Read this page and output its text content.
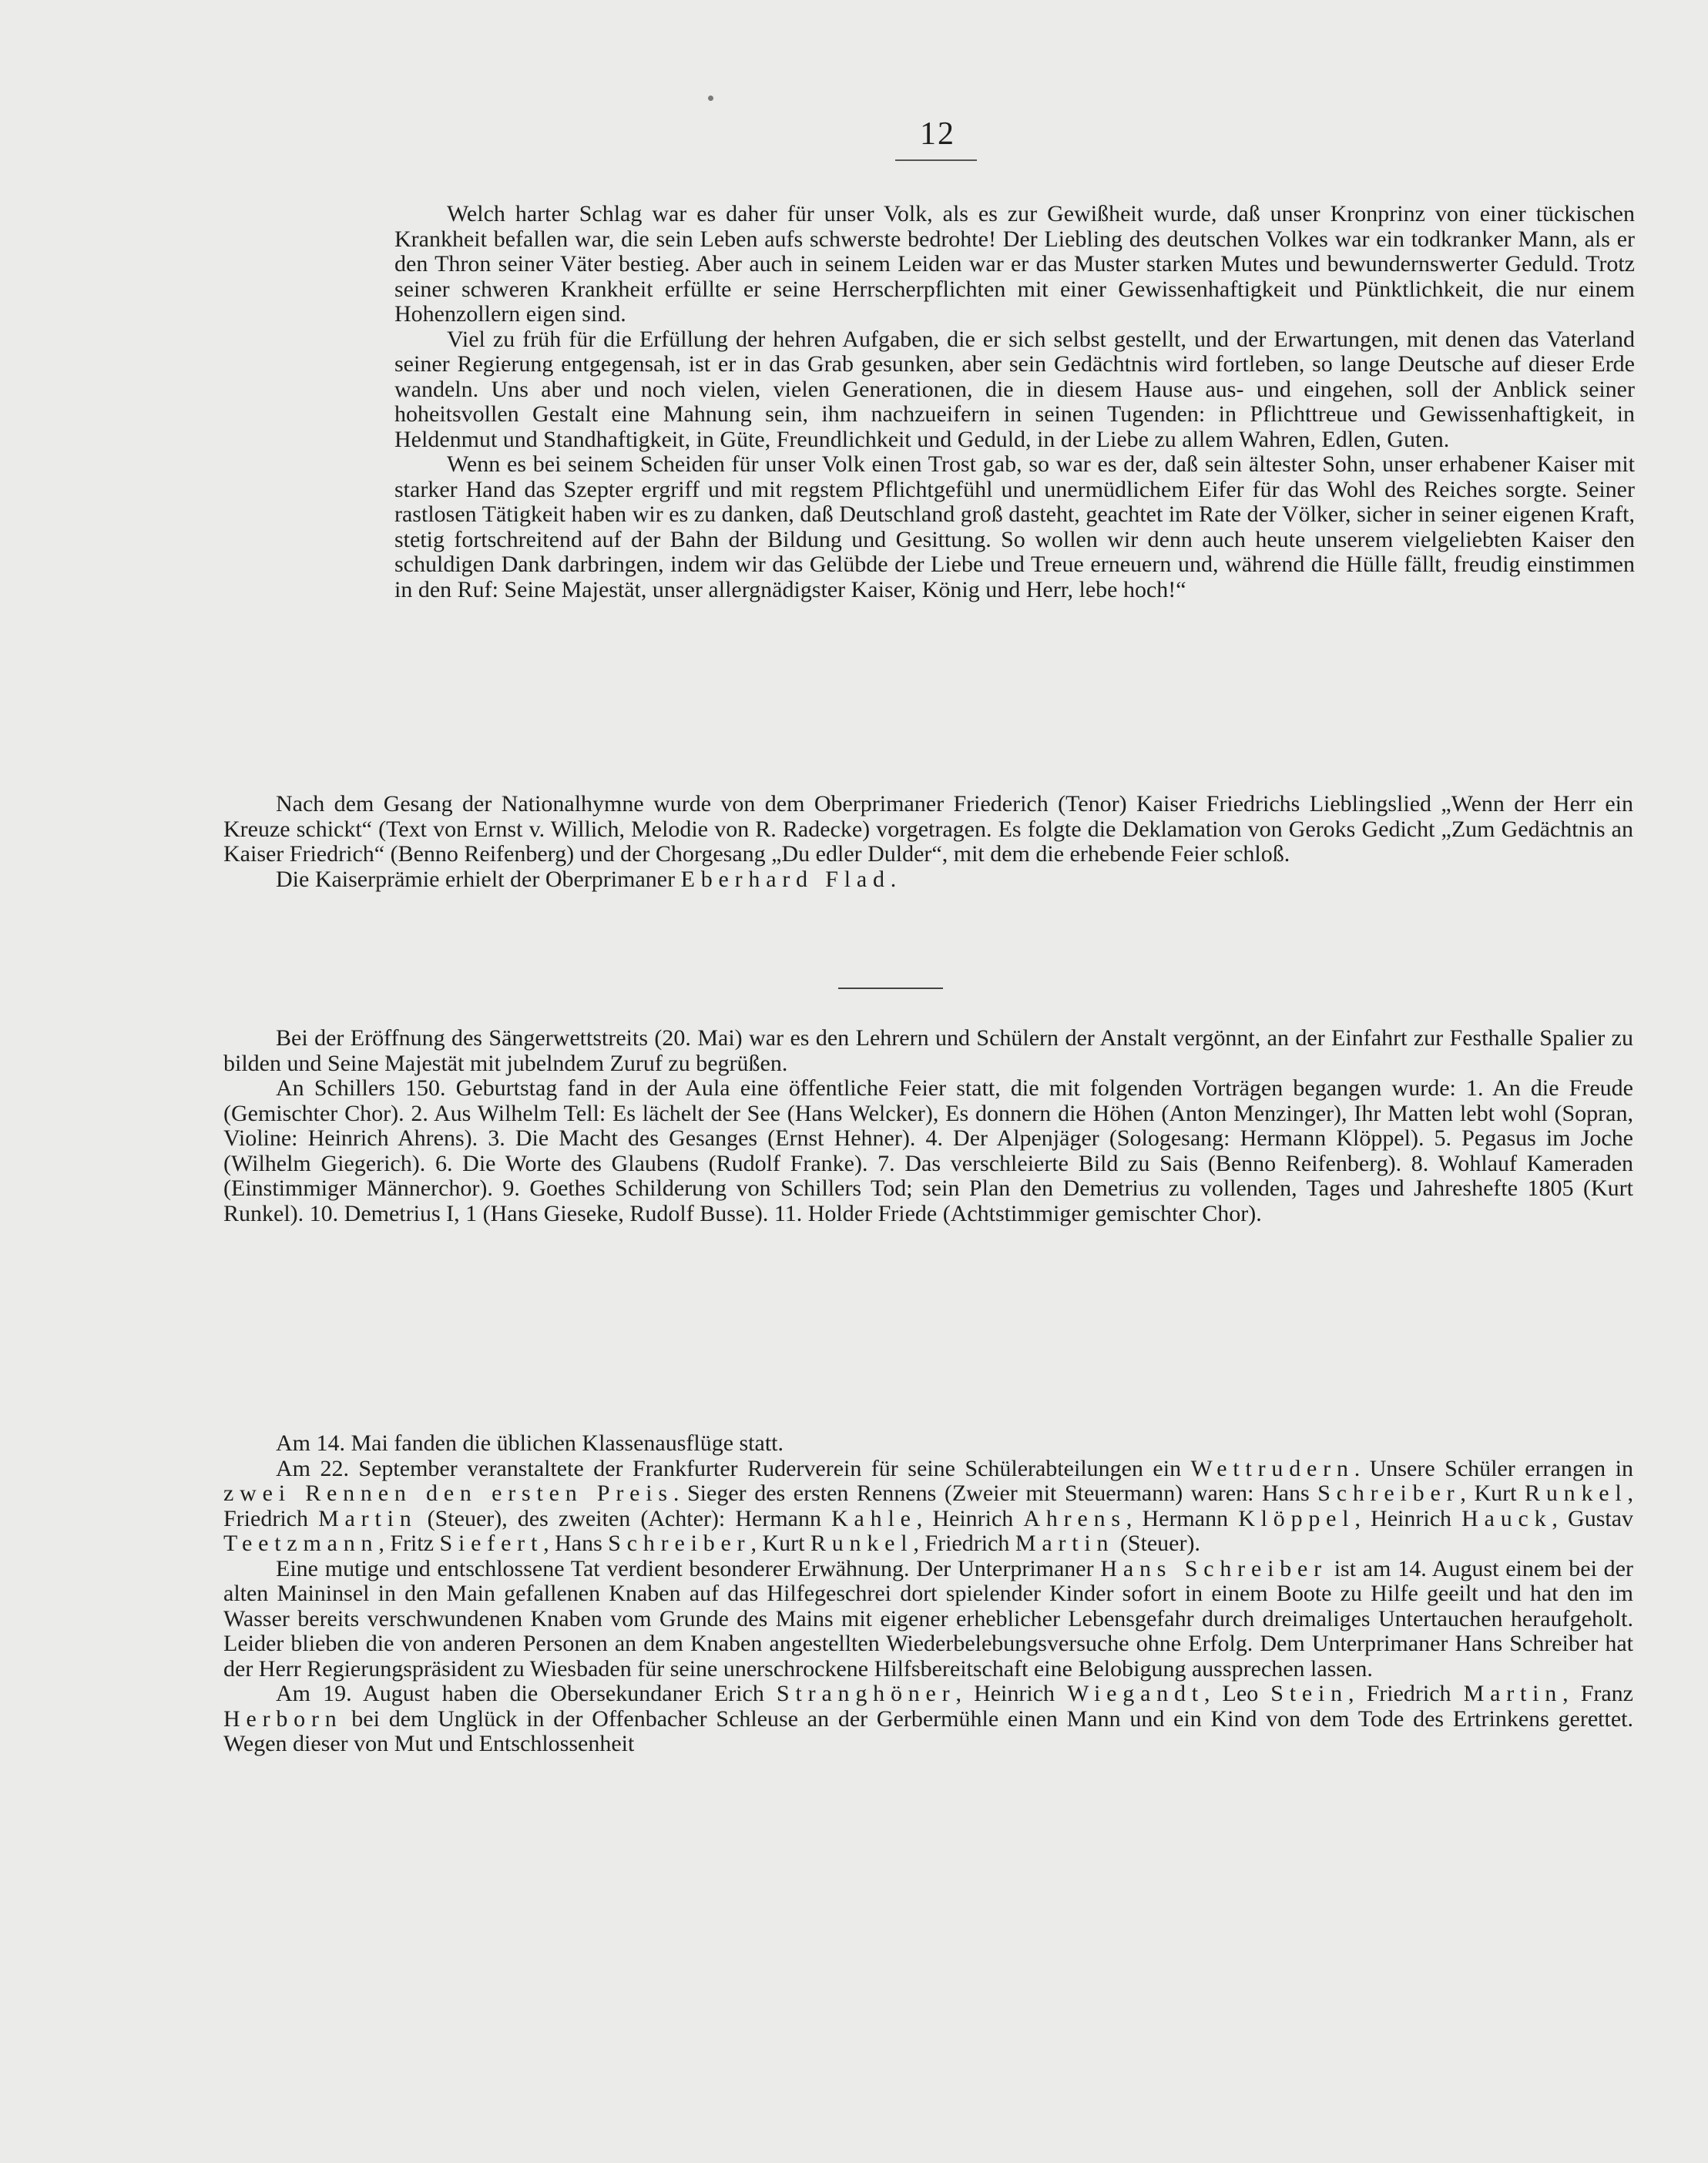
12

Welch harter Schlag war es daher für unser Volk, als es zur Gewißheit wurde, daß unser Kronprinz von einer tückischen Krankheit befallen war, die sein Leben aufs schwerste bedrohte! Der Liebling des deutschen Volkes war ein todkranker Mann, als er den Thron seiner Väter bestieg. Aber auch in seinem Leiden war er das Muster starken Mutes und bewundernswerter Geduld. Trotz seiner schweren Krankheit erfüllte er seine Herrscherpflichten mit einer Gewissenhaftigkeit und Pünktlichkeit, die nur einem Hohenzollern eigen sind.

Viel zu früh für die Erfüllung der hehren Aufgaben, die er sich selbst gestellt, und der Erwartungen, mit denen das Vaterland seiner Regierung entgegensah, ist er in das Grab gesunken, aber sein Gedächtnis wird fortleben, so lange Deutsche auf dieser Erde wandeln. Uns aber und noch vielen, vielen Generationen, die in diesem Hause aus- und eingehen, soll der Anblick seiner hoheitsvollen Gestalt eine Mahnung sein, ihm nachzueifern in seinen Tugenden: in Pflichttreue und Gewissenhaftigkeit, in Heldenmut und Standhaftigkeit, in Güte, Freundlichkeit und Geduld, in der Liebe zu allem Wahren, Edlen, Guten.

Wenn es bei seinem Scheiden für unser Volk einen Trost gab, so war es der, daß sein ältester Sohn, unser erhabener Kaiser mit starker Hand das Szepter ergriff und mit regstem Pflichtgefühl und unermüdlichem Eifer für das Wohl des Reiches sorgte. Seiner rastlosen Tätigkeit haben wir es zu danken, daß Deutschland groß dasteht, geachtet im Rate der Völker, sicher in seiner eigenen Kraft, stetig fortschreitend auf der Bahn der Bildung und Gesittung. So wollen wir denn auch heute unserem vielgeliebten Kaiser den schuldigen Dank darbringen, indem wir das Gelübde der Liebe und Treue erneuern und, während die Hülle fällt, freudig einstimmen in den Ruf: Seine Majestät, unser allergnädigster Kaiser, König und Herr, lebe hoch!“

Nach dem Gesang der Nationalhymne wurde von dem Oberprimaner Friederich (Tenor) Kaiser Friedrichs Lieblingslied „Wenn der Herr ein Kreuze schickt“ (Text von Ernst v. Willich, Melodie von R. Radecke) vorgetragen. Es folgte die Deklamation von Geroks Gedicht „Zum Gedächtnis an Kaiser Friedrich“ (Benno Reifenberg) und der Chorgesang „Du edler Dulder“, mit dem die erhebende Feier schloß.

Die Kaiserprämie erhielt der Oberprimaner Eberhard Flad.

Bei der Eröffnung des Sängerwettstreits (20. Mai) war es den Lehrern und Schülern der Anstalt vergönnt, an der Einfahrt zur Festhalle Spalier zu bilden und Seine Majestät mit jubelndem Zuruf zu begrüßen.

An Schillers 150. Geburtstag fand in der Aula eine öffentliche Feier statt, die mit folgenden Vorträgen begangen wurde: 1. An die Freude (Gemischter Chor). 2. Aus Wilhelm Tell: Es lächelt der See (Hans Welcker), Es donnern die Höhen (Anton Menzinger), Ihr Matten lebt wohl (Sopran, Violine: Heinrich Ahrens). 3. Die Macht des Gesanges (Ernst Hehner). 4. Der Alpenjäger (Sologesang: Hermann Klöppel). 5. Pegasus im Joche (Wilhelm Giegerich). 6. Die Worte des Glaubens (Rudolf Franke). 7. Das verschleierte Bild zu Sais (Benno Reifenberg). 8. Wohlauf Kameraden (Einstimmiger Männerchor). 9. Goethes Schilderung von Schillers Tod; sein Plan den Demetrius zu vollenden, Tages und Jahreshefte 1805 (Kurt Runkel). 10. Demetrius I, 1 (Hans Gieseke, Rudolf Busse). 11. Holder Friede (Achtstimmiger gemischter Chor).

Am 14. Mai fanden die üblichen Klassenausflüge statt.

Am 22. September veranstaltete der Frankfurter Ruderverein für seine Schülerabteilungen ein Wettrudern. Unsere Schüler errangen in zwei Rennen den ersten Preis. Sieger des ersten Rennens (Zweier mit Steuermann) waren: Hans Schreiber, Kurt Runkel, Friedrich Martin (Steuer), des zweiten (Achter): Hermann Kahle, Heinrich Ahrens, Hermann Klöppel, Heinrich Hauck, Gustav Teetzmann, Fritz Siefert, Hans Schreiber, Kurt Runkel, Friedrich Martin (Steuer).

Eine mutige und entschlossene Tat verdient besonderer Erwähnung. Der Unterprimaner Hans Schreiber ist am 14. August einem bei der alten Maininsel in den Main gefallenen Knaben auf das Hilfegeschrei dort spielender Kinder sofort in einem Boote zu Hilfe geeilt und hat den im Wasser bereits verschwundenen Knaben vom Grunde des Mains mit eigener erheblicher Lebensgefahr durch dreimaliges Untertauchen heraufgeholt. Leider blieben die von anderen Personen an dem Knaben angestellten Wiederbelebungsversuche ohne Erfolg. Dem Unterprimaner Hans Schreiber hat der Herr Regierungspräsident zu Wiesbaden für seine unerschrockene Hilfsbereitschaft eine Belobigung aussprechen lassen.

Am 19. August haben die Obersekundaner Erich Stranghöner, Heinrich Wiegandt, Leo Stein, Friedrich Martin, Franz Herborn bei dem Unglück in der Offenbacher Schleuse an der Gerbermühle einen Mann und ein Kind von dem Tode des Ertrinkens gerettet. Wegen dieser von Mut und Entschlossenheit
